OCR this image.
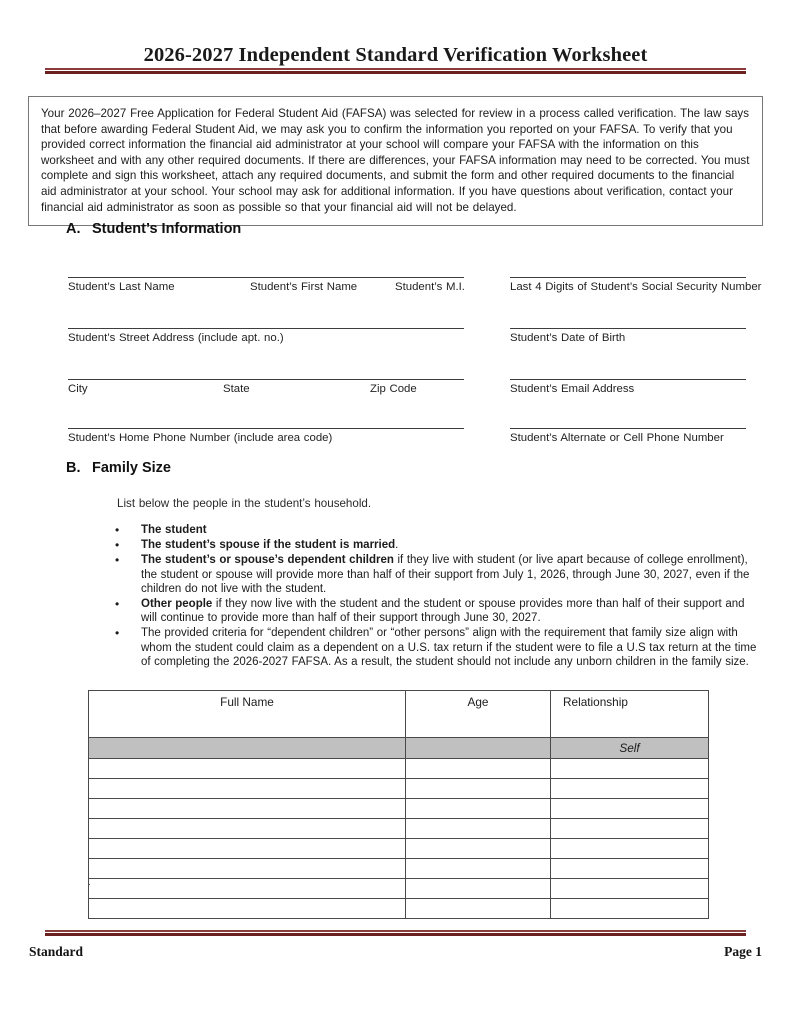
2026-2027 Independent Standard Verification Worksheet
Your 2026–2027 Free Application for Federal Student Aid (FAFSA) was selected for review in a process called verification. The law says that before awarding Federal Student Aid, we may ask you to confirm the information you reported on your FAFSA. To verify that you provided correct information the financial aid administrator at your school will compare your FAFSA with the information on this worksheet and with any other required documents. If there are differences, your FAFSA information may need to be corrected. You must complete and sign this worksheet, attach any required documents, and submit the form and other required documents to the financial aid administrator at your school. Your school may ask for additional information. If you have questions about verification, contact your financial aid administrator as soon as possible so that your financial aid will not be delayed.
A. Student’s Information
Student’s Last Name	Student’s First Name	Student’s M.I.	Last 4 Digits of Student’s Social Security Number
Student’s Street Address (include apt. no.)	Student’s Date of Birth
City	State	Zip Code	Student’s Email Address
Student’s Home Phone Number (include area code)	Student’s Alternate or Cell Phone Number
B. Family Size
List below the people in the student’s household.
• The student
• The student’s spouse if the student is married.
• The student’s or spouse’s dependent children if they live with student (or live apart because of college enrollment), the student or spouse will provide more than half of their support from July 1, 2026, through June 30, 2027, even if the children do not live with the student.
• Other people if they now live with the student and the student or spouse provides more than half of their support and will continue to provide more than half of their support through June 30, 2027.
• The provided criteria for “dependent children” or “other persons” align with the requirement that family size align with whom the student could claim as a dependent on a U.S. tax return if the student were to file a U.S tax return at the time of completing the 2026-2027 FAFSA. As a result, the student should not include any unborn children in the family size.
Full Name	Age	Relationship
		Self

.
Standard	Page 1
